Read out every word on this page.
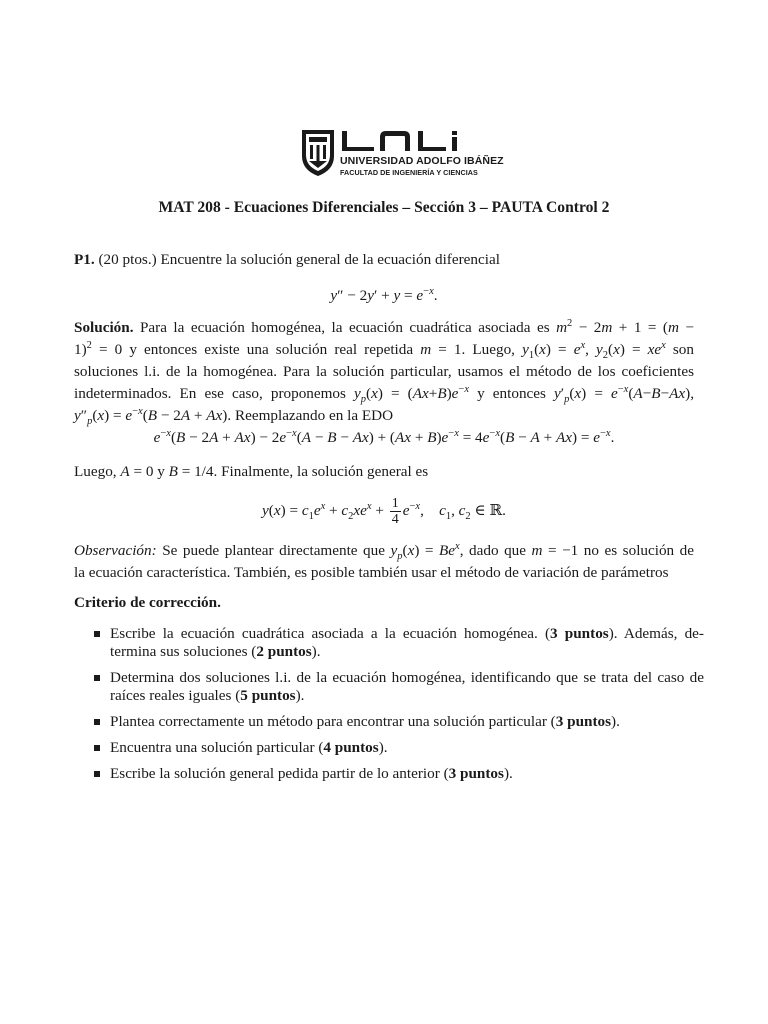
UNIVERSIDAD ADOLFO IBÁÑEZ
FACULTAD DE INGENIERÍA Y CIENCIAS
MAT 208 - Ecuaciones Diferenciales – Sección 3 – PAUTA Control 2
P1. (20 ptos.) Encuentre la solución general de la ecuación diferencial
$y'' - 2y' + y = e^{-x}$.
Solución. Para la ecuación homogénea, la ecuación cuadrática asociada es $m^2 - 2m + 1 = (m$ −
1)$^2$ = 0 y entonces existe una solución real repetida m = 1. Luego, $y_1(x) = e^x$, $y_2(x) = xe^x$ son
soluciones l.i. de la homogénea. Para la solución particular, usamos el método de los coeficientes
indeterminados. En ese caso, proponemos $y_p(x) = (Ax+B)e^{-x}$ y entonces $y'_p(x) = e^{-x}(A-B-Ax)$,
$y''_p(x) = e^{-x}(B - 2A + Ax)$. Reemplazando en la EDO
$e^{-x}(B - 2A + Ax) - 2e^{-x}(A - B - Ax) + (Ax + B)e^{-x} = 4e^{-x}(B - A + Ax) = e^{-x}$.
Luego, A = 0 y B = 1/4. Finalmente, la solución general es
$y(x) = c_1e^x + c_2xe^x + \frac{1}{4} e^{-x}$,    $c_1$, $c_2$ ∈ ℝ.
Observación: Se puede plantear directamente que $y_p(x) = Be^x$, dado que m = −1 no es solución de
la ecuación característica. También, es posible también usar el método de variación de parámetros
Criterio de corrección.
Escribe la ecuación cuadrática asociada a la ecuación homogénea. (3 puntos). Además, de-
termina sus soluciones (2 puntos).
Determina dos soluciones l.i. de la ecuación homogénea, identificando que se trata del caso de
raíces reales iguales (5 puntos).
Plantea correctamente un método para encontrar una solución particular (3 puntos).
Encuentra una solución particular (4 puntos).
Escribe la solución general pedida partir de lo anterior (3 puntos).
